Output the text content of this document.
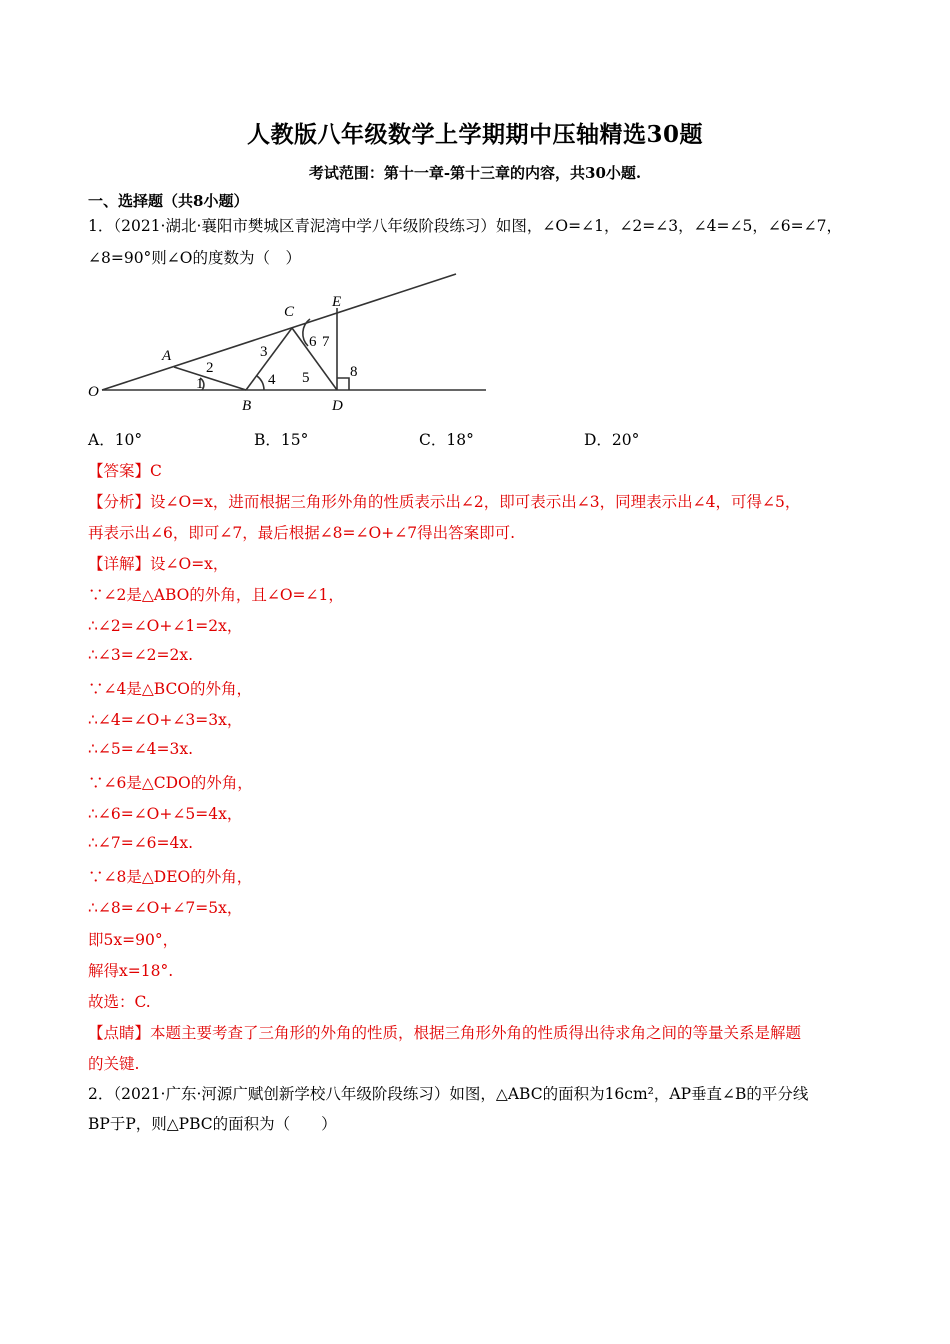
人教版八年级数学上学期期中压轴精选30题
考试范围：第十一章-第十三章的内容，共30小题.
一、选择题（共8小题）
1．（2021·湖北·襄阳市樊城区青泥湾中学八年级阶段练习）如图，∠O=∠1，∠2=∠3，∠4=∠5，∠6=∠7，
∠8=90°则∠O的度数为（　）
O
A
B
C
D
E
1
2
3
4 5
6 7
8
A．10°	B．15°	C．18°	D．20°
【答案】C
【分析】设∠O=x，进而根据三角形外角的性质表示出∠2，即可表示出∠3，同理表示出∠4，可得∠5，
再表示出∠6，即可∠7，最后根据∠8=∠O+∠7得出答案即可.
【详解】设∠O=x，
∵∠2是△ABO的外角，且∠O=∠1，
∴∠2=∠O+∠1=2x，
∴∠3=∠2=2x.
∵∠4是△BCO的外角，
∴∠4=∠O+∠3=3x，
∴∠5=∠4=3x.
∵∠6是△CDO的外角，
∴∠6=∠O+∠5=4x，
∴∠7=∠6=4x.
∵∠8是△DEO的外角，
∴∠8=∠O+∠7=5x，
即5x=90°，
解得x=18°.
故选：C.
【点睛】本题主要考查了三角形的外角的性质，根据三角形外角的性质得出待求角之间的等量关系是解题
的关键.
2．（2021·广东·河源广赋创新学校八年级阶段练习）如图，△ABC的面积为16cm²，AP垂直∠B的平分线
BP于P，则△PBC的面积为（　　）
